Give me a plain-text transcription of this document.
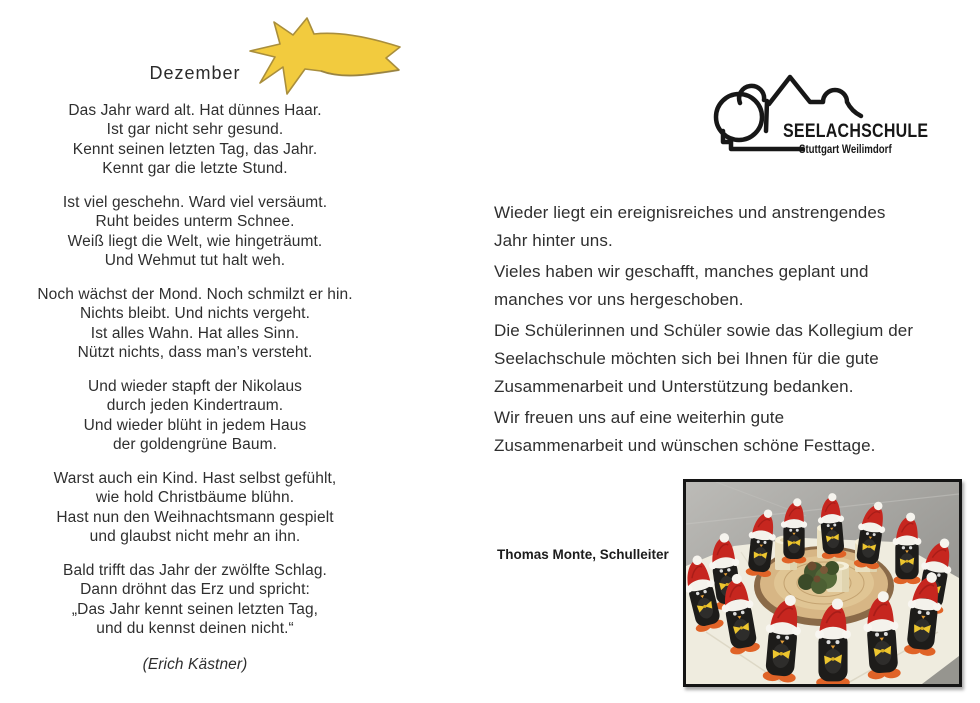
Dezember
Das Jahr ward alt. Hat dünnes Haar.
Ist gar nicht sehr gesund.
Kennt seinen letzten Tag, das Jahr.
Kennt gar die letzte Stund.
Ist viel geschehn. Ward viel versäumt.
Ruht beides unterm Schnee.
Weiß liegt die Welt, wie hingeträumt.
Und Wehmut tut halt weh.
Noch wächst der Mond. Noch schmilzt er hin.
Nichts bleibt. Und nichts vergeht.
Ist alles Wahn. Hat alles Sinn.
Nützt nichts, dass man’s versteht.
Und wieder stapft der Nikolaus
durch jeden Kindertraum.
Und wieder blüht in jedem Haus
der goldengrüne Baum.
Warst auch ein Kind. Hast selbst gefühlt,
wie hold Christbäume blühn.
Hast nun den Weihnachtsmann gespielt
und glaubst nicht mehr an ihn.
Bald trifft das Jahr der zwölfte Schlag.
Dann dröhnt das Erz und spricht:
„Das Jahr kennt seinen letzten Tag,
und du kennst deinen nicht.“
(Erich Kästner)
SEELACHSCHULE
Stuttgart Weilimdorf
Wieder liegt ein ereignisreiches und anstrengendes
Jahr hinter uns.
Vieles haben wir geschafft, manches geplant und
manches vor uns hergeschoben.
Die Schülerinnen und Schüler sowie das Kollegium der
Seelachschule möchten sich bei Ihnen für die gute
Zusammenarbeit und Unterstützung bedanken.
Wir freuen uns auf eine weiterhin gute
Zusammenarbeit und wünschen schöne Festtage.
Thomas Monte, Schulleiter
